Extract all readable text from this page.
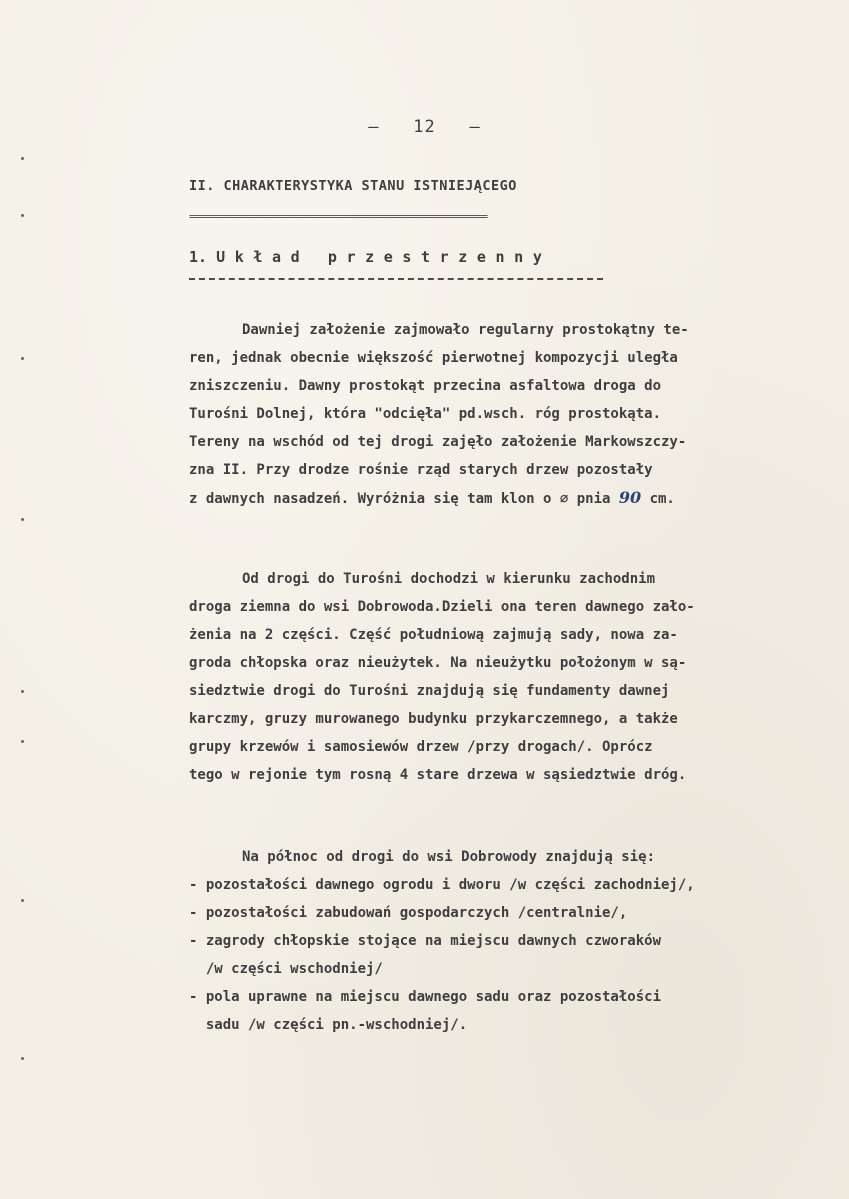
–   12   –
II. CHARAKTERYSTYKA STANU ISTNIEJĄCEGO
=========================================================
1. Układ przestrzenny
Dawniej założenie zajmowało regularny prostokątny te-
ren, jednak obecnie większość pierwotnej kompozycji uległa
zniszczeniu. Dawny prostokąt przecina asfaltowa droga do
Turośni Dolnej, która "odcięła" pd.wsch. róg prostokąta.
Tereny na wschód od tej drogi zajęło założenie Markowszczy-
zna II. Przy drodze rośnie rząd starych drzew pozostały
z dawnych nasadzeń. Wyróżnia się tam klon o ∅ pnia 90 cm.
Od drogi do Turośni dochodzi w kierunku zachodnim
droga ziemna do wsi Dobrowoda.Dzieli ona teren dawnego zało-
żenia na 2 części. Część południową zajmują sady, nowa za-
groda chłopska oraz nieużytek. Na nieużytku położonym w są-
siedztwie drogi do Turośni znajdują się fundamenty dawnej
karczmy, gruzy murowanego budynku przykarczemnego, a także
grupy krzewów i samosiewów drzew /przy drogach/. Oprócz
tego w rejonie tym rosną 4 stare drzewa w sąsiedztwie dróg.
Na północ od drogi do wsi Dobrowody znajdują się:
- pozostałości dawnego ogrodu i dworu /w części zachodniej/,
- pozostałości zabudowań gospodarczych /centralnie/,
- zagrody chłopskie stojące na miejscu dawnych czworaków
/w części wschodniej/
- pola uprawne na miejscu dawnego sadu oraz pozostałości
sadu /w części pn.-wschodniej/.
